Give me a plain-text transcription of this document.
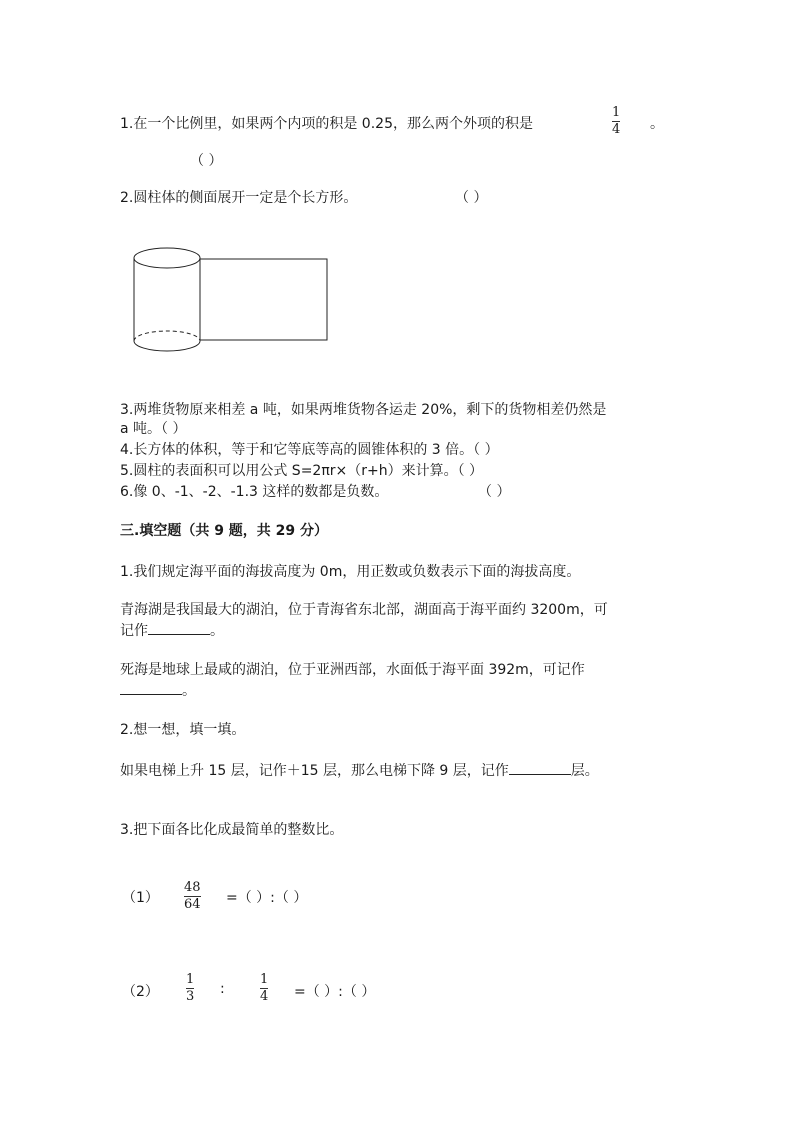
1.在一个比例里，如果两个内项的积是 0.25，那么两个外项的积是
1
4 。
（ ）
2.圆柱体的侧面展开一定是个长方形。	（ ）
3.两堆货物原来相差 a 吨，如果两堆货物各运走 20%，剩下的货物相差仍然是
a 吨。（ ）
4.长方体的体积，等于和它等底等高的圆锥体积的 3 倍。（ ）
5.圆柱的表面积可以用公式 S=2πr×（r+h）来计算。（ ）
6.像 0、-1、-2、-1.3 这样的数都是负数。	（ ）
三.填空题（共 9 题，共 29 分）
1.我们规定海平面的海拔高度为 0m，用正数或负数表示下面的海拔高度。
青海湖是我国最大的湖泊，位于青海省东北部，湖面高于海平面约 3200m，可
记作	。
死海是地球上最咸的湖泊，位于亚洲西部，水面低于海平面 392m，可记作
。
2.想一想，填一填。
如果电梯上升 15 层，记作＋15 层，那么电梯下降 9 层，记作	层。
3.把下面各比化成最简单的整数比。
（1）
48
64 =（ ）:（ ）
（2）
1
3 :
1
4 =（ ）:（ ）
